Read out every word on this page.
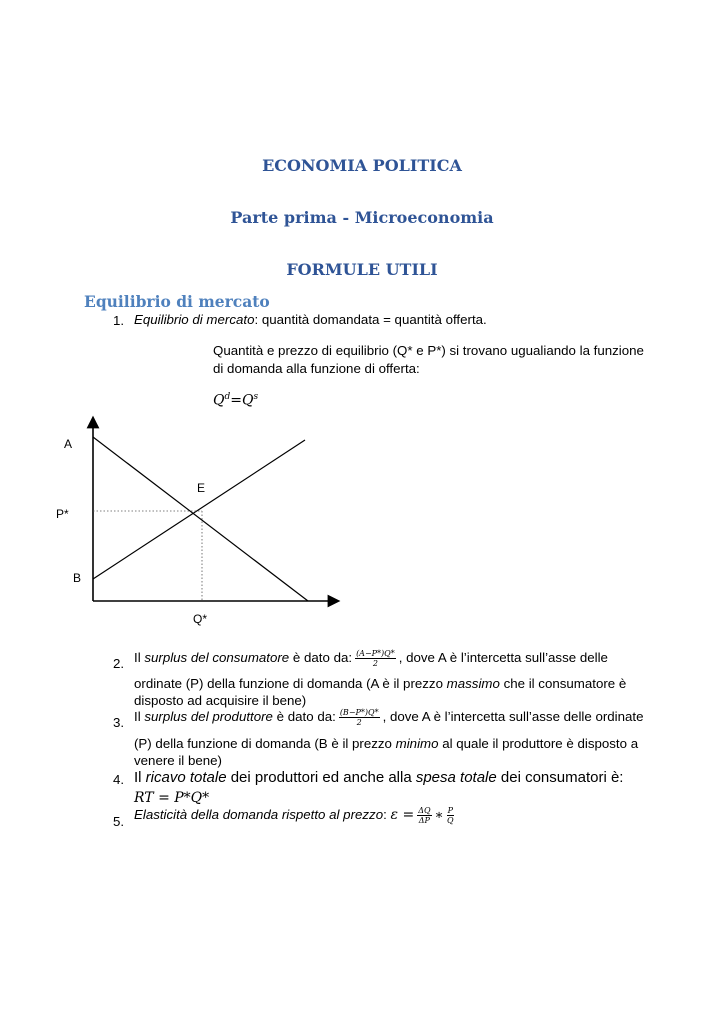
ECONOMIA POLITICA
Parte prima - Microeconomia
FORMULE UTILI
Equilibrio di mercato
1. Equilibrio di mercato: quantità domandata = quantità offerta.
Quantità e prezzo di equilibrio (Q* e P*) si trovano ugualiando la funzione
di domanda alla funzione di offerta:
$Q^d=Q^s$
A
E
P*
B
Q*
2. Il surplus del consumatore è dato da: $\frac{(A-P*)Q*}{2}$ , dove A è l’intercetta sull’asse delle
ordinate (P) della funzione di domanda (A è il prezzo massimo che il consumatore è
disposto ad acquisire il bene)
3. Il surplus del produttore è dato da: $\frac{(B-P*)Q*}{2}$ , dove A è l’intercetta sull’asse delle ordinate
(P) della funzione di domanda (B è il prezzo minimo al quale il produttore è disposto a
venere il bene)
4. Il ricavo totale dei produttori ed anche alla spesa totale dei consumatori è:
RT = P*Q*
5. Elasticità della domanda rispetto al prezzo: $\varepsilon = \frac{\Delta Q}{\Delta P}$ ∗ $\frac{P}{Q}$
